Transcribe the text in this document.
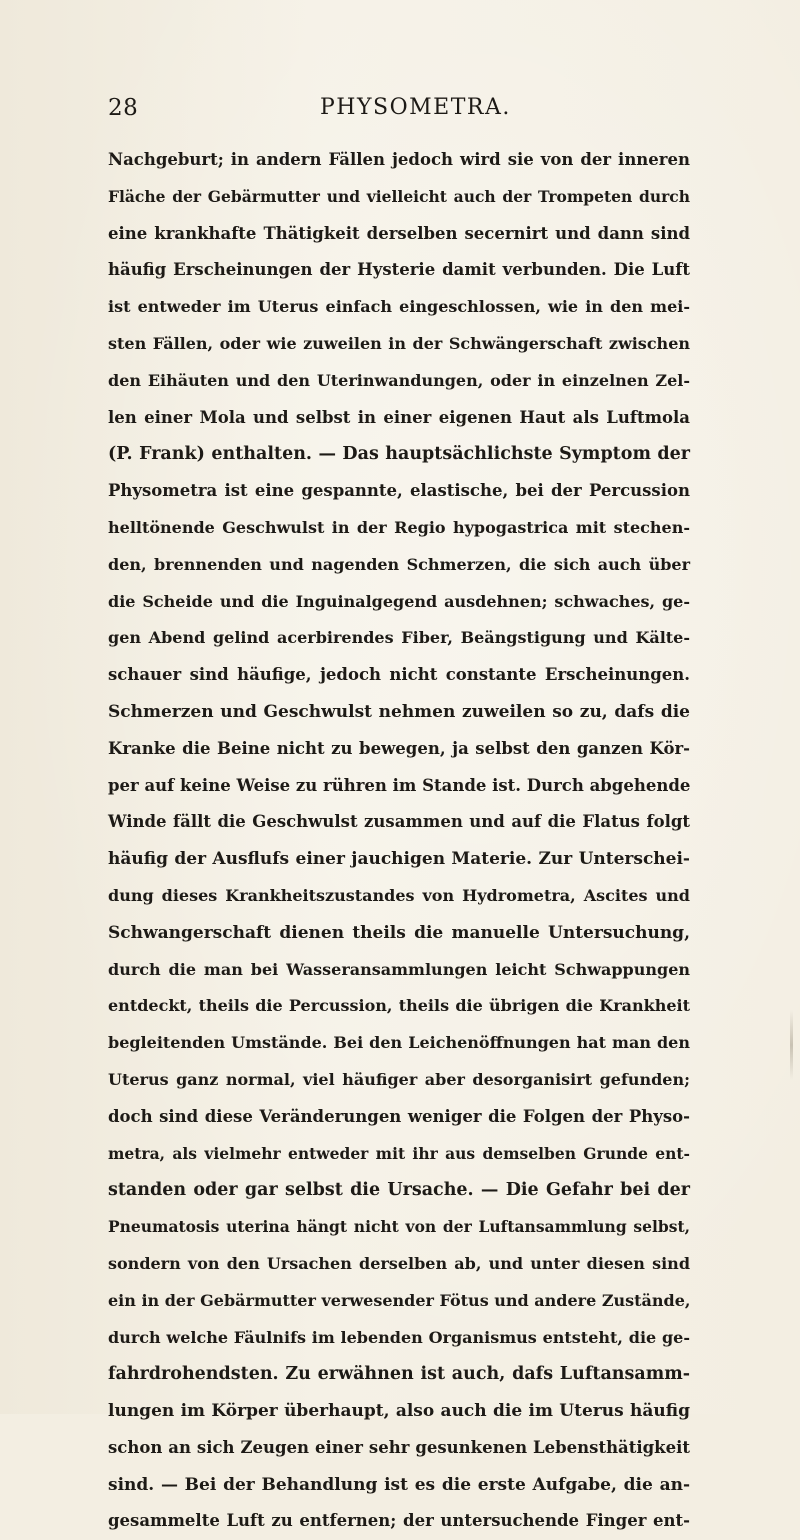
28	PHYSOMETRA.
Nachgeburt; in andern Fällen jedoch wird sie von der inneren
Fläche der Gebärmutter und vielleicht auch der Trompeten durch
eine krankhafte Thätigkeit derselben secernirt und dann sind
häufig Erscheinungen der Hysterie damit verbunden. Die Luft
ist entweder im Uterus einfach eingeschlossen, wie in den mei-
sten Fällen, oder wie zuweilen in der Schwängerschaft zwischen
den Eihäuten und den Uterinwandungen, oder in einzelnen Zel-
len einer Mola und selbst in einer eigenen Haut als Luftmola
(P. Frank) enthalten. — Das hauptsächlichste Symptom der
Physometra ist eine gespannte, elastische, bei der Percussion
helltönende Geschwulst in der Regio hypogastrica mit stechen-
den, brennenden und nagenden Schmerzen, die sich auch über
die Scheide und die Inguinalgegend ausdehnen; schwaches, ge-
gen Abend gelind acerbirendes Fiber, Beängstigung und Kälte-
schauer sind häufige, jedoch nicht constante Erscheinungen.
Schmerzen und Geschwulst nehmen zuweilen so zu, dafs die
Kranke die Beine nicht zu bewegen, ja selbst den ganzen Kör-
per auf keine Weise zu rühren im Stande ist. Durch abgehende
Winde fällt die Geschwulst zusammen und auf die Flatus folgt
häufig der Ausflufs einer jauchigen Materie. Zur Unterschei-
dung dieses Krankheitszustandes von Hydrometra, Ascites und
Schwangerschaft dienen theils die manuelle Untersuchung,
durch die man bei Wasseransammlungen leicht Schwappungen
entdeckt, theils die Percussion, theils die übrigen die Krankheit
begleitenden Umstände. Bei den Leichenöffnungen hat man den
Uterus ganz normal, viel häufiger aber desorganisirt gefunden;
doch sind diese Veränderungen weniger die Folgen der Physo-
metra, als vielmehr entweder mit ihr aus demselben Grunde ent-
standen oder gar selbst die Ursache. — Die Gefahr bei der
Pneumatosis uterina hängt nicht von der Luftansammlung selbst,
sondern von den Ursachen derselben ab, und unter diesen sind
ein in der Gebärmutter verwesender Fötus und andere Zustände,
durch welche Fäulnifs im lebenden Organismus entsteht, die ge-
fahrdrohendsten. Zu erwähnen ist auch, dafs Luftansamm-
lungen im Körper überhaupt, also auch die im Uterus häufig
schon an sich Zeugen einer sehr gesunkenen Lebensthätigkeit
sind. — Bei der Behandlung ist es die erste Aufgabe, die an-
gesammelte Luft zu entfernen; der untersuchende Finger ent-
